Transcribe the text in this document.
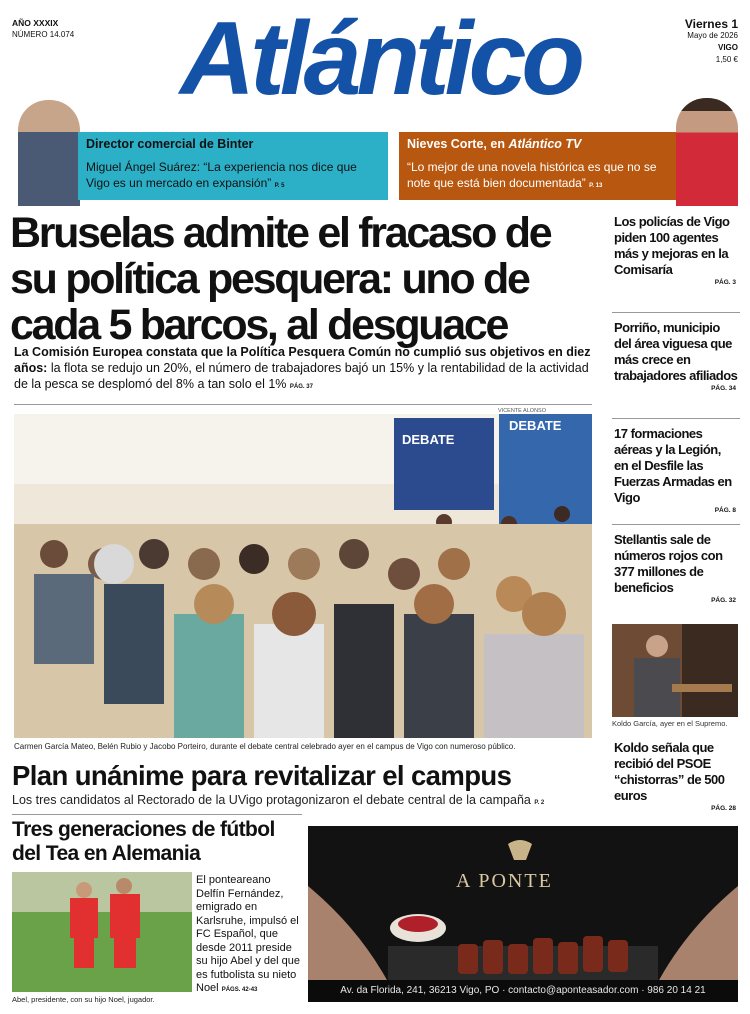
AÑO XXXIX
NÚMERO 14.074	Atlántico	Viernes 1
Mayo de 2026
VIGO
1,50 €
Director comercial de Binter
Miguel Ángel Suárez: “La experiencia nos dice que Vigo es un mercado en expansión” P. 5
Nieves Corte, en Atlántico TV
“Lo mejor de una novela histórica es que no se note que está bien documentada” P. 13
Bruselas admite el fracaso de su política pesquera: uno de cada 5 barcos, al desguace
La Comisión Europea constata que la Política Pesquera Común no cumplió sus objetivos en diez años: la flota se redujo un 20%, el número de trabajadores bajó un 15% y la rentabilidad de la actividad de la pesca se desplomó del 8% a tan solo el 1% PÁG. 37
VICENTE ALONSO
DEBATE
DEBATE
Carmen García Mateo, Belén Rubio y Jacobo Porteiro, durante el debate central celebrado ayer en el campus de Vigo con numeroso público.
Plan unánime para revitalizar el campus
Los tres candidatos al Rectorado de la UVigo protagonizaron el debate central de la campaña P. 2
Los policías de Vigo piden 100 agentes más y mejoras en la Comisaría
PÁG. 3
Porriño, municipio del área viguesa que más crece en trabajadores afiliados
PÁG. 34
17 formaciones aéreas y la Legión, en el Desfile las Fuerzas Armadas en Vigo
PÁG. 8
Stellantis sale de números rojos con 377 millones de beneficios
PÁG. 32
Koldo García, ayer en el Supremo.
Koldo señala que recibió del PSOE “chistorras” de 500 euros
PÁG. 28
Tres generaciones de fútbol del Tea en Alemania
El ponteareano Delfín Fernández, emigrado en Karlsruhe, impulsó el FC Español, que desde 2011 preside su hijo Abel y del que es futbolista su nieto Noel PÁGS. 42-43
Abel, presidente, con su hijo Noel, jugador.
A PONTE
Av. da Florida, 241, 36213 Vigo, PO · contacto@aponteasador.com · 986 20 14 21
